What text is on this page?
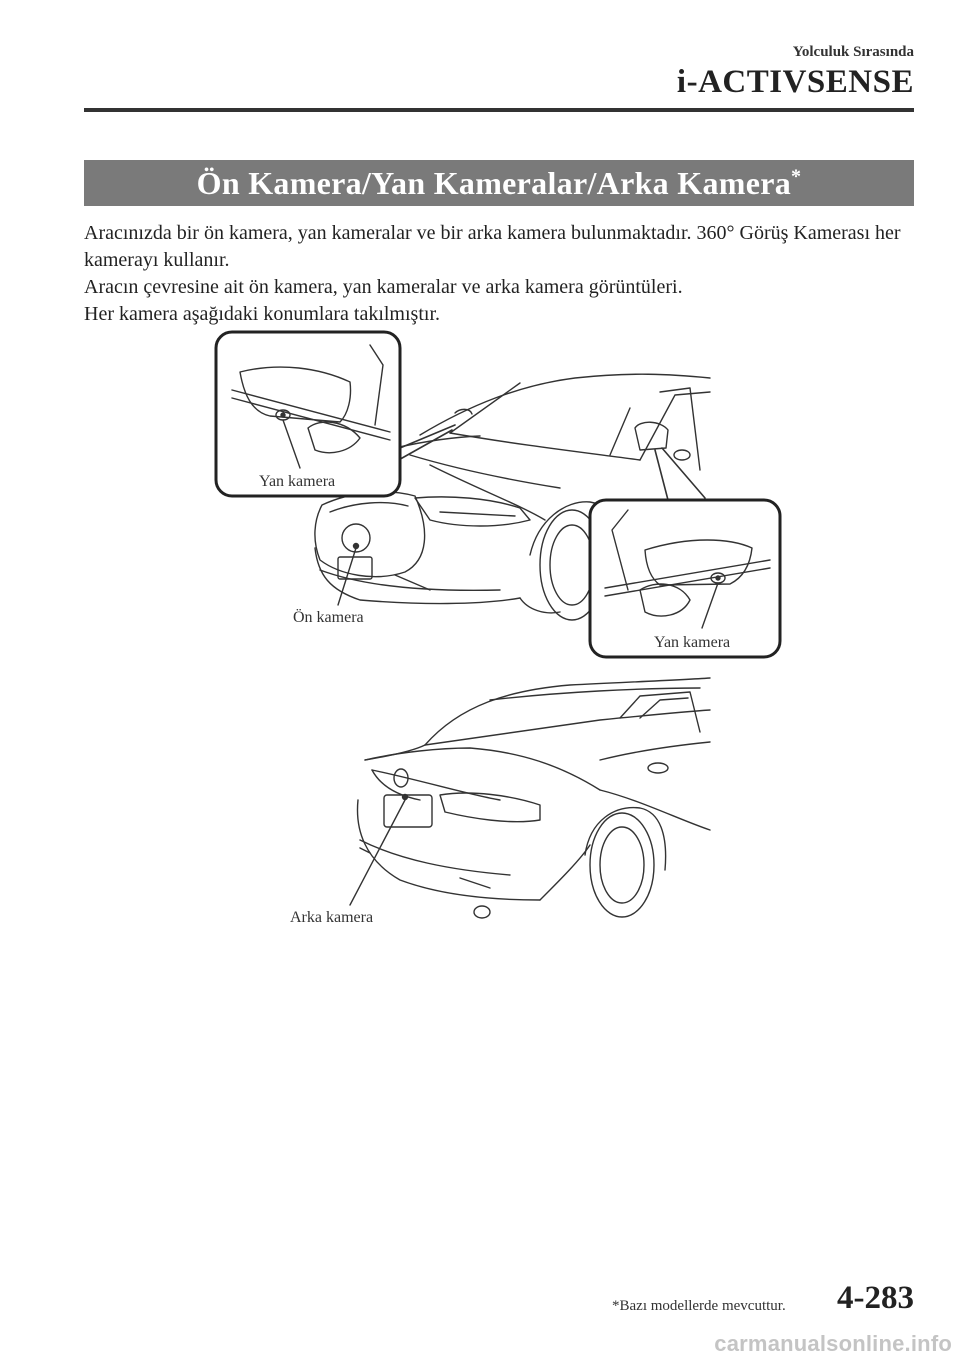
Yolculuk Sırasında
i-ACTIVSENSE
Ön Kamera/Yan Kameralar/Arka Kamera*

Aracınızda bir ön kamera, yan kameralar ve bir arka kamera bulunmaktadır. 360° Görüş Kamerası her kamerayı kullanır.

Aracın çevresine ait ön kamera, yan kameralar ve arka kamera görüntüleri.

Her kamera aşağıdaki konumlara takılmıştır.

Yan kamera
Ön kamera
Yan kamera
Arka kamera
*Bazı modellerde mevcuttur. 4-283
carmanualsonline.info
